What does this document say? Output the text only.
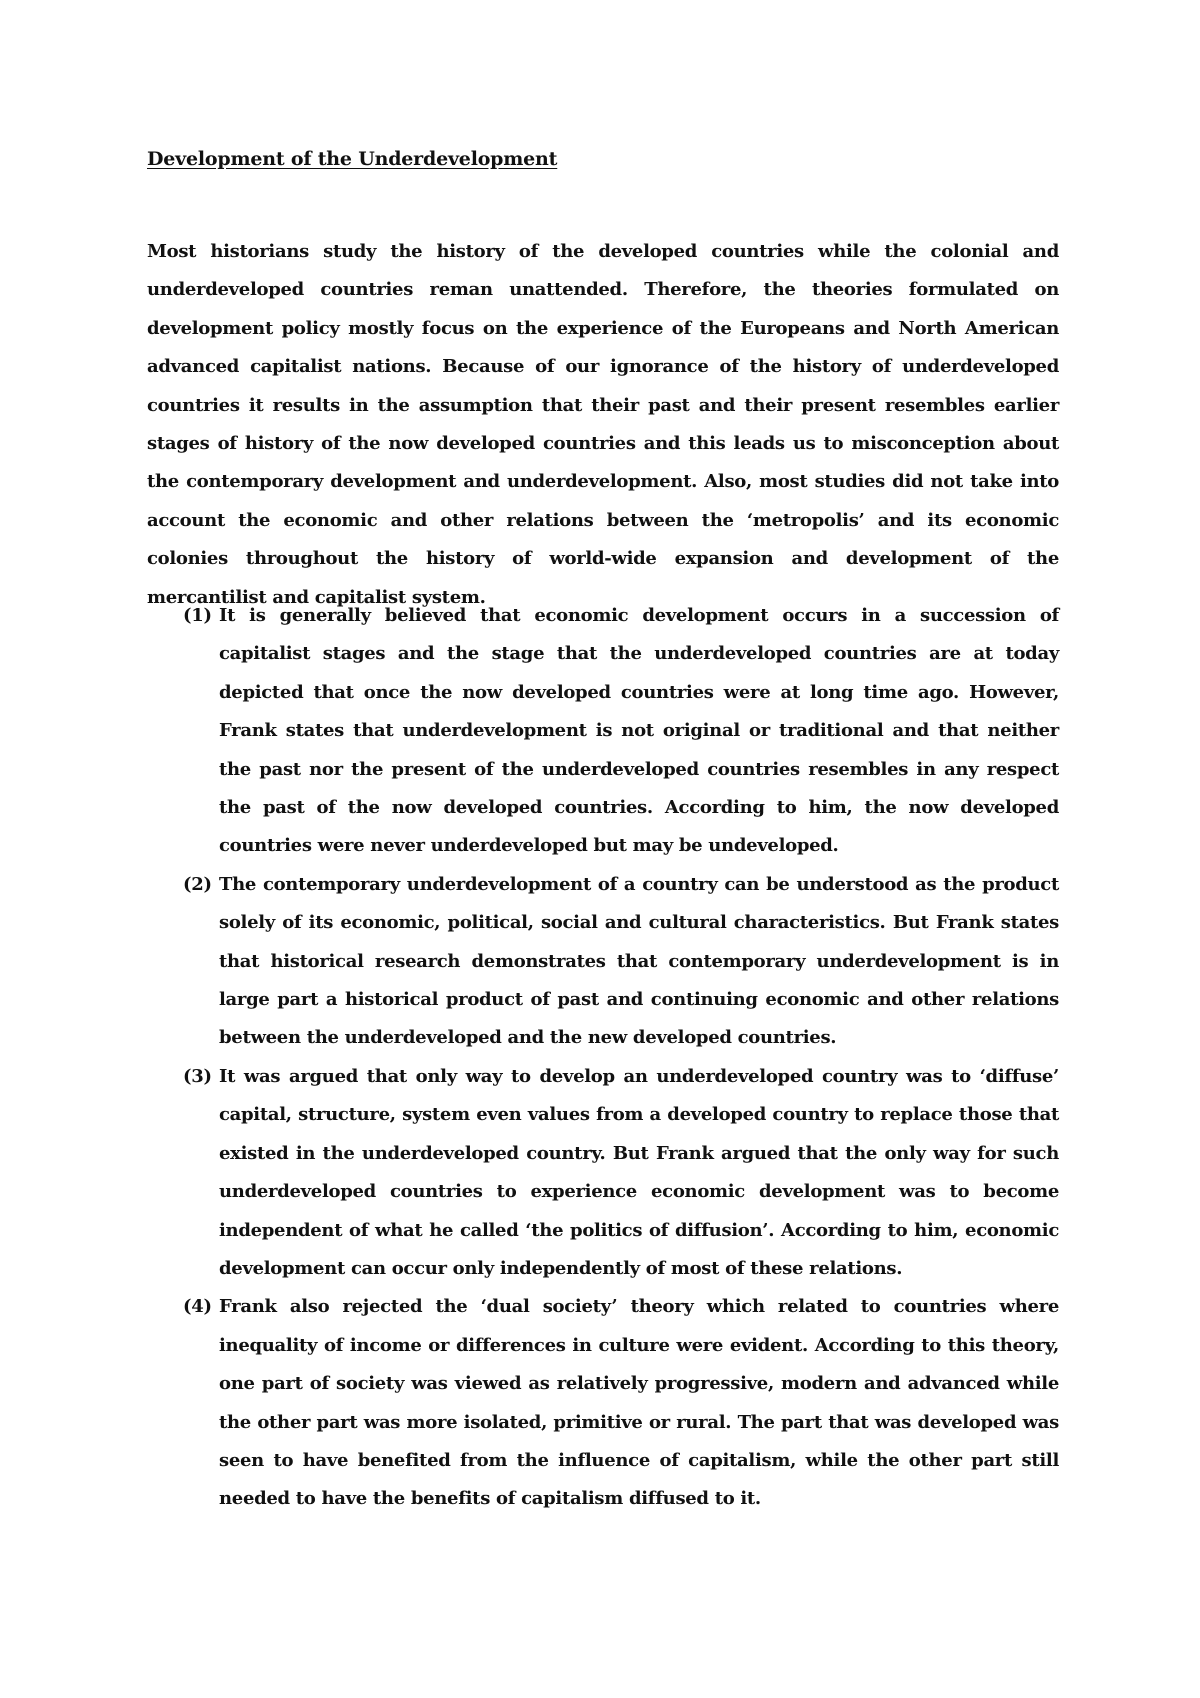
Development of the Underdevelopment

Most historians study the history of the developed countries while the colonial and underdeveloped countries reman unattended. Therefore, the theories formulated on development policy mostly focus on the experience of the Europeans and North American advanced capitalist nations. Because of our ignorance of the history of underdeveloped countries it results in the assumption that their past and their present resembles earlier stages of history of the now developed countries and this leads us to misconception about the contemporary development and underdevelopment. Also, most studies did not take into account the economic and other relations between the ‘metropolis’ and its economic colonies throughout the history of world-wide expansion and development of the mercantilist and capitalist system.

(1) It is generally believed that economic development occurs in a succession of capitalist stages and the stage that the underdeveloped countries are at today depicted that once the now developed countries were at long time ago. However, Frank states that underdevelopment is not original or traditional and that neither the past nor the present of the underdeveloped countries resembles in any respect the past of the now developed countries. According to him, the now developed countries were never underdeveloped but may be undeveloped.
(2) The contemporary underdevelopment of a country can be understood as the product solely of its economic, political, social and cultural characteristics. But Frank states that historical research demonstrates that contemporary underdevelopment is in large part a historical product of past and continuing economic and other relations between the underdeveloped and the new developed countries.
(3) It was argued that only way to develop an underdeveloped country was to ‘diffuse’ capital, structure, system even values from a developed country to replace those that existed in the underdeveloped country. But Frank argued that the only way for such underdeveloped countries to experience economic development was to become independent of what he called ‘the politics of diffusion’. According to him, economic development can occur only independently of most of these relations.
(4) Frank also rejected the ‘dual society’ theory which related to countries where inequality of income or differences in culture were evident. According to this theory, one part of society was viewed as relatively progressive, modern and advanced while the other part was more isolated, primitive or rural. The part that was developed was seen to have benefited from the influence of capitalism, while the other part still needed to have the benefits of capitalism diffused to it.
